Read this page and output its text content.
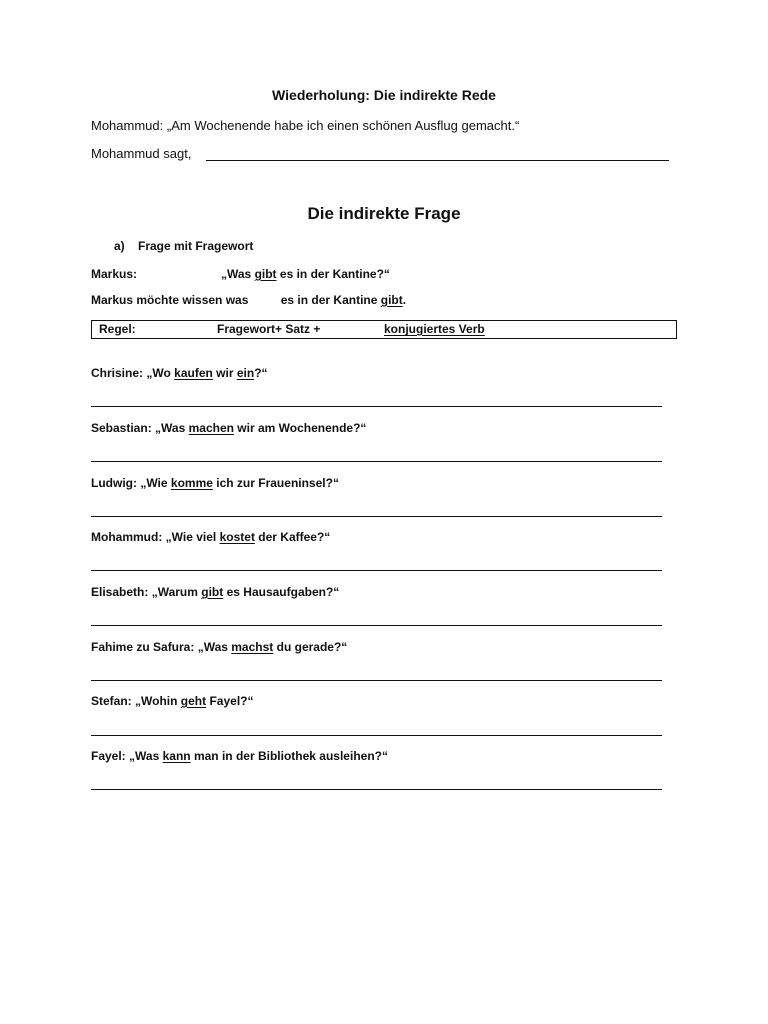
Wiederholung: Die indirekte Rede
Mohammud: „Am Wochenende habe ich einen schönen Ausflug gemacht.“
Mohammud sagt,
Die indirekte Frage
a) Frage mit Fragewort
Markus:	„Was gibt es in der Kantine?“
Markus möchte wissen was es in der Kantine gibt.
Regel:	Fragewort+ Satz +	konjugiertes Verb
Chrisine: „Wo kaufen wir ein?“
Sebastian: „Was machen wir am Wochenende?“
Ludwig: „Wie komme ich zur Fraueninsel?“
Mohammud: „Wie viel kostet der Kaffee?“
Elisabeth: „Warum gibt es Hausaufgaben?“
Fahime zu Safura: „Was machst du gerade?“
Stefan: „Wohin geht Fayel?“
Fayel: „Was kann man in der Bibliothek ausleihen?“
